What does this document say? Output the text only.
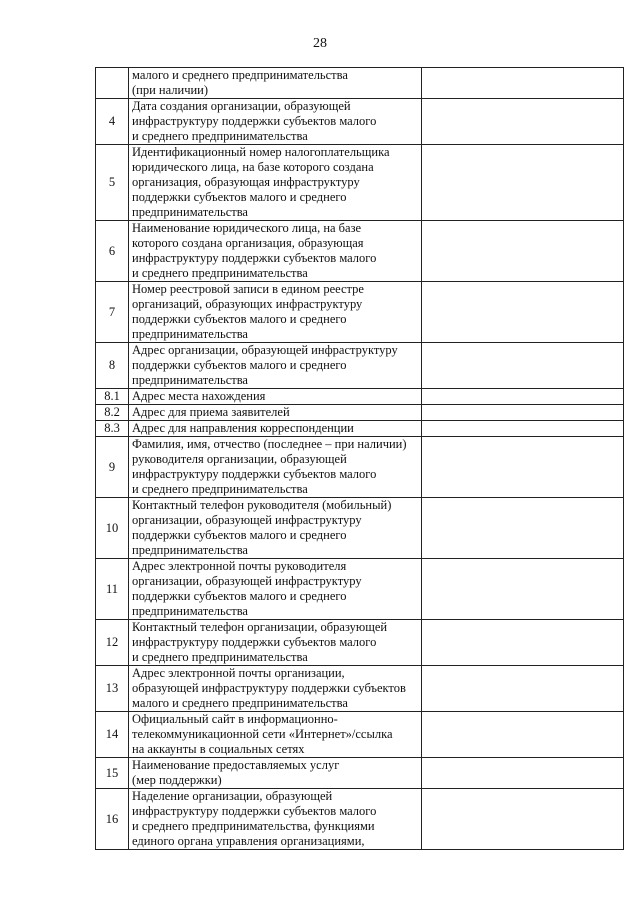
28

	малого и среднего предпринимательства
(при наличии)	

4	Дата создания организации, образующей
инфраструктуру поддержки субъектов малого
и среднего предпринимательства	

5	Идентификационный номер налогоплательщика
юридического лица, на базе которого создана
организация, образующая инфраструктуру
поддержки субъектов малого и среднего
предпринимательства	

6	Наименование юридического лица, на базе
которого создана организация, образующая
инфраструктуру поддержки субъектов малого
и среднего предпринимательства	

7	Номер реестровой записи в едином реестре
организаций, образующих инфраструктуру
поддержки субъектов малого и среднего
предпринимательства	

8	Адрес организации, образующей инфраструктуру
поддержки субъектов малого и среднего
предпринимательства	

8.1	Адрес места нахождения	

8.2	Адрес для приема заявителей	

8.3	Адрес для направления корреспонденции	

9	Фамилия, имя, отчество (последнее – при наличии)
руководителя организации, образующей
инфраструктуру поддержки субъектов малого
и среднего предпринимательства	

10	Контактный телефон руководителя (мобильный)
организации, образующей инфраструктуру
поддержки субъектов малого и среднего
предпринимательства	

11	Адрес электронной почты руководителя
организации, образующей инфраструктуру
поддержки субъектов малого и среднего
предпринимательства	

12	Контактный телефон организации, образующей
инфраструктуру поддержки субъектов малого
и среднего предпринимательства	

13	Адрес электронной почты организации,
образующей инфраструктуру поддержки субъектов
малого и среднего предпринимательства	

14	Официальный сайт в информационно-
телекоммуникационной сети «Интернет»/ссылка
на аккаунты в социальных сетях	

15	Наименование предоставляемых услуг
(мер поддержки)	

16	Наделение организации, образующей
инфраструктуру поддержки субъектов малого
и среднего предпринимательства, функциями
единого органа управления организациями,	
